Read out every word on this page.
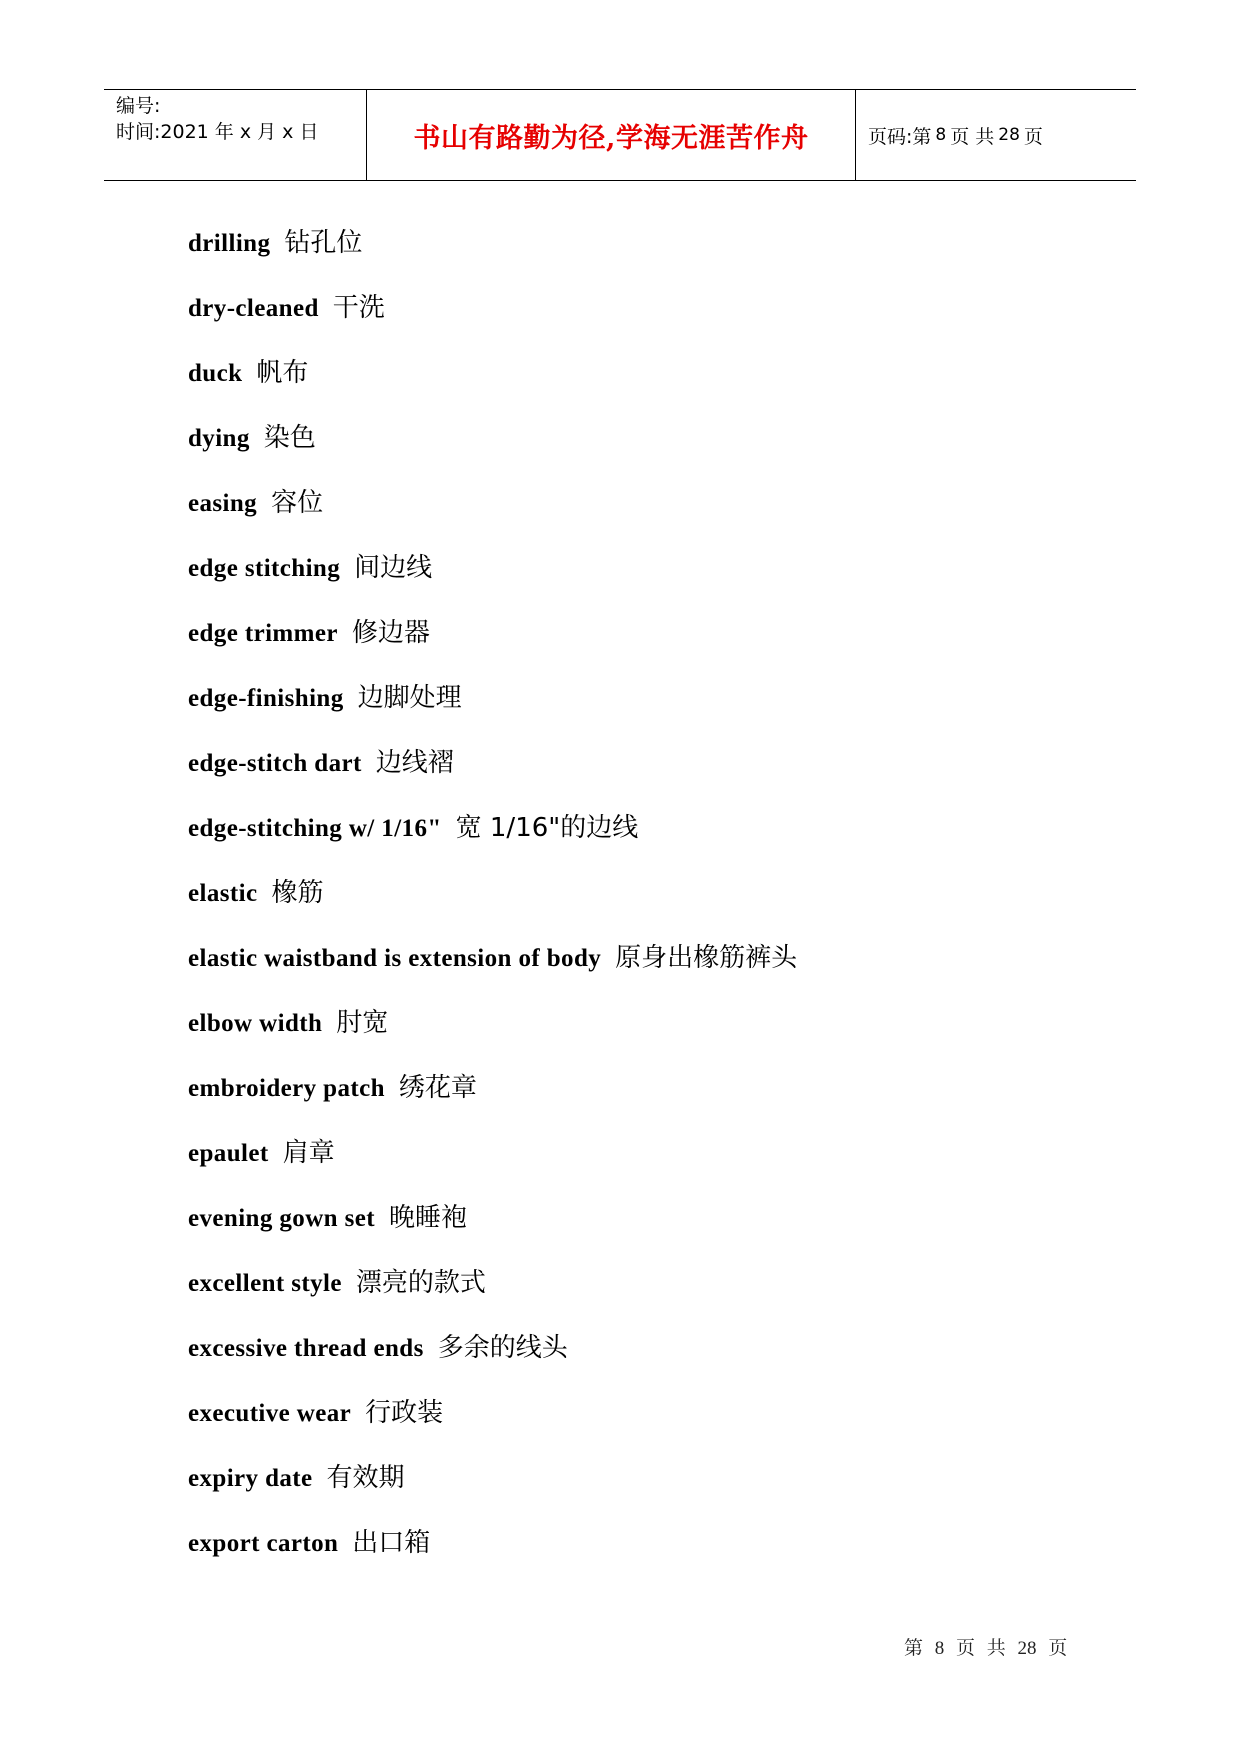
编号:
时间:2021 年 x 月 x 日	书山有路勤为径,学海无涯苦作舟	页码:第 8 页 共 28 页
drilling 钻孔位
dry-cleaned 干洗
duck 帆布
dying 染色
easing 容位
edge stitching 间边线
edge trimmer 修边器
edge-finishing 边脚处理
edge-stitch dart 边线褶
edge-stitching w/ 1/16" 宽 1/16"的边线
elastic 橡筋
elastic waistband is extension of body 原身出橡筋裤头
elbow width 肘宽
embroidery patch 绣花章
epaulet 肩章
evening gown set 晚睡袍
excellent style 漂亮的款式
excessive thread ends 多余的线头
executive wear 行政装
expiry date 有效期
export carton 出口箱
第 8 页 共 28 页
